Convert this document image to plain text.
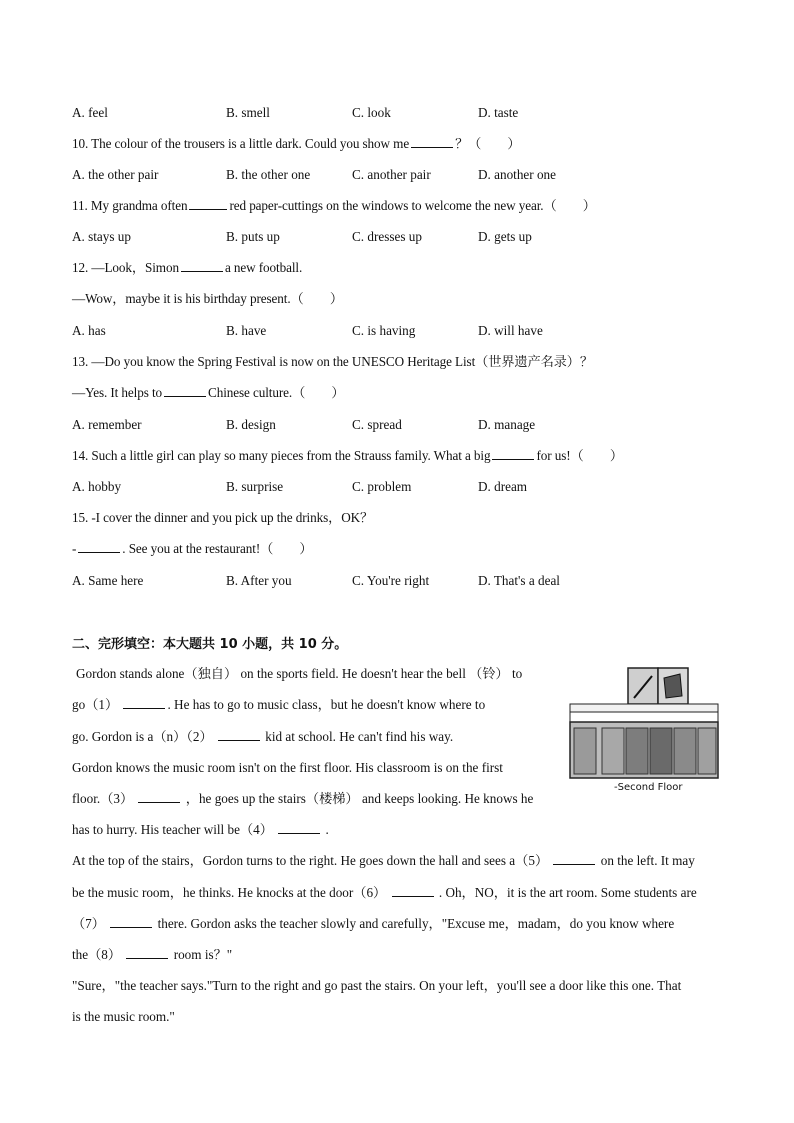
A. feel	B. smell	C. look	D. taste
10. The colour of the trousers is a little dark. Could you show me	？（　　）
A. the other pair	B. the other one	C. another pair	D. another one
11. My grandma often	red paper-cuttings on the windows to welcome the new year.（　　）
A. stays up	B. puts up	C. dresses up	D. gets up
12. —Look，Simon	a new football.
—Wow，maybe it is his birthday present.（　　）
A. has	B. have	C. is having	D. will have
13. —Do you know the Spring Festival is now on the UNESCO Heritage List（世界遗产名录）？
—Yes. It helps to	Chinese culture.（　　）
A. remember	B. design	C. spread	D. manage
14. Such a little girl can play so many pieces from the Strauss family. What a big	for us!（　　）
A. hobby	B. surprise	C. problem	D. dream
15. -I cover the dinner and you pick up the drinks，OK？
-	. See you at the restaurant!（　　）
A. Same here	B. After you	C. You're right	D. That's a deal
二、完形填空：本大题共 10 小题，共 10 分。
Gordon stands alone（独自） on the sports field. He doesn't hear the bell （铃） to
go（1）	. He has to go to music class，but he doesn't know where to
go. Gordon is a（n）（2）	kid at school. He can't find his way.
Gordon knows the music room isn't on the first floor. His classroom is on the first
floor.（3）	，he goes up the stairs（楼梯） and keeps looking. He knows he
has to hurry. His teacher will be（4）	.
At the top of the stairs，Gordon turns to the right. He goes down the hall and sees a（5）	on the left. It may
be the music room，he thinks. He knocks at the door（6）	. Oh，NO，it is the art room. Some students are
（7）	there. Gordon asks the teacher slowly and carefully，"Excuse me，madam，do you know where
the（8）	room is？"
"Sure，"the teacher says."Turn to the right and go past the stairs. On your left，you'll see a door like this one. That
is the music room."
-Second Floor
